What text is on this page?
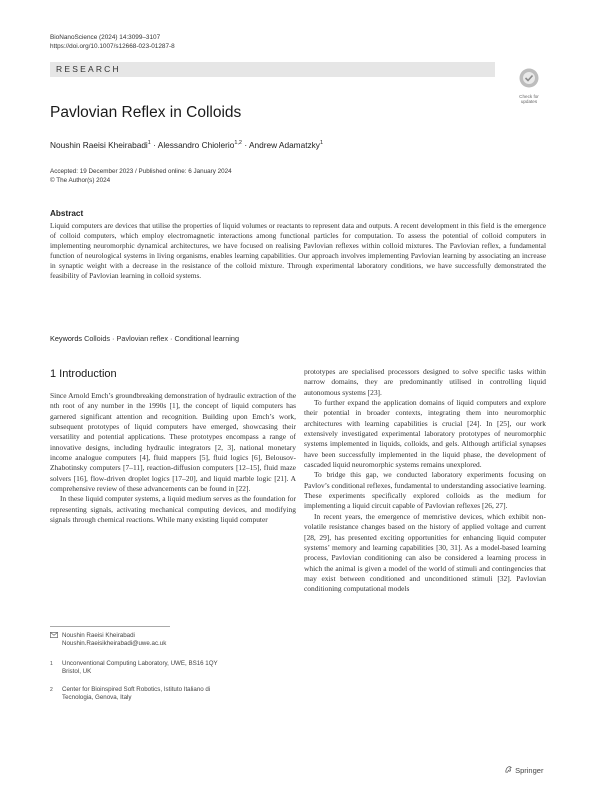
BioNanoScience (2024) 14:3099–3107
https://doi.org/10.1007/s12668-023-01287-8
RESEARCH
Check for
updates
Pavlovian Reflex in Colloids
Noushin Raeisi Kheirabadi$^1$ · Alessandro Chiolerio$^{1,2}$ · Andrew Adamatzky$^1$
Accepted: 19 December 2023 / Published online: 6 January 2024
© The Author(s) 2024
Abstract
Liquid computers are devices that utilise the properties of liquid volumes or reactants to represent data and outputs. A recent development in this field is the emergence of colloid computers, which employ electromagnetic interactions among functional particles for computation. To assess the potential of colloid computers in implementing neuromorphic dynamical architectures, we have focused on realising Pavlovian reflexes within colloid mixtures. The Pavlovian reflex, a fundamental function of neurological systems in living organisms, enables learning capabilities. Our approach involves implementing Pavlovian learning by associating an increase in synaptic weight with a decrease in the resistance of the colloid mixture. Through experimental laboratory conditions, we have successfully demonstrated the feasibility of Pavlovian learning in colloid systems.
Keywords Colloids · Pavlovian reflex · Conditional learning
1 Introduction

Since Arnold Emch’s groundbreaking demonstration of hydraulic extraction of the nth root of any number in the 1990s [1], the concept of liquid computers has garnered significant attention and recognition. Building upon Emch’s work, subsequent prototypes of liquid computers have emerged, showcasing their versatility and potential applications. These prototypes encompass a range of innovative designs, including hydraulic integrators [2, 3], national monetary income analogue computers [4], fluid mappers [5], fluid logics [6], Belousov-Zhabotinsky computers [7–11], reaction-diffusion computers [12–15], fluid maze solvers [16], flow-driven droplet logics [17–20], and liquid marble logic [21]. A comprehensive review of these advancements can be found in [22].

In these liquid computer systems, a liquid medium serves as the foundation for representing signals, activating mechanical computing devices, and modifying signals through chemical reactions. While many existing liquid computer

prototypes are specialised processors designed to solve specific tasks within narrow domains, they are predominantly utilised in controlling liquid autonomous systems [23].

To further expand the application domains of liquid computers and explore their potential in broader contexts, integrating them into neuromorphic architectures with learning capabilities is crucial [24]. In [25], our work extensively investigated experimental laboratory prototypes of neuromorphic systems implemented in liquids, colloids, and gels. Although artificial synapses have been successfully implemented in the liquid phase, the development of cascaded liquid neuromorphic systems remains unexplored.

To bridge this gap, we conducted laboratory experiments focusing on Pavlov’s conditional reflexes, fundamental to understanding associative learning. These experiments specifically explored colloids as the medium for implementing a liquid circuit capable of Pavlovian reflexes [26, 27].

In recent years, the emergence of memristive devices, which exhibit non-volatile resistance changes based on the history of applied voltage and current [28, 29], has presented exciting opportunities for enhancing liquid computer systems’ memory and learning capabilities [30, 31]. As a model-based learning process, Pavlovian conditioning can also be considered a learning process in which the animal is given a model of the world of stimuli and contingencies that may exist between conditioned and unconditioned stimuli [32]. Pavlovian conditioning computational models

Noushin Raeisi Kheirabadi
Noushin.Raeisikheirabadi@uwe.ac.uk
1 Unconventional Computing Laboratory, UWE, BS16 1QY
Bristol, UK
2 Center for Bioinspired Soft Robotics, Istituto Italiano di
Tecnologia, Genova, Italy
Springer
